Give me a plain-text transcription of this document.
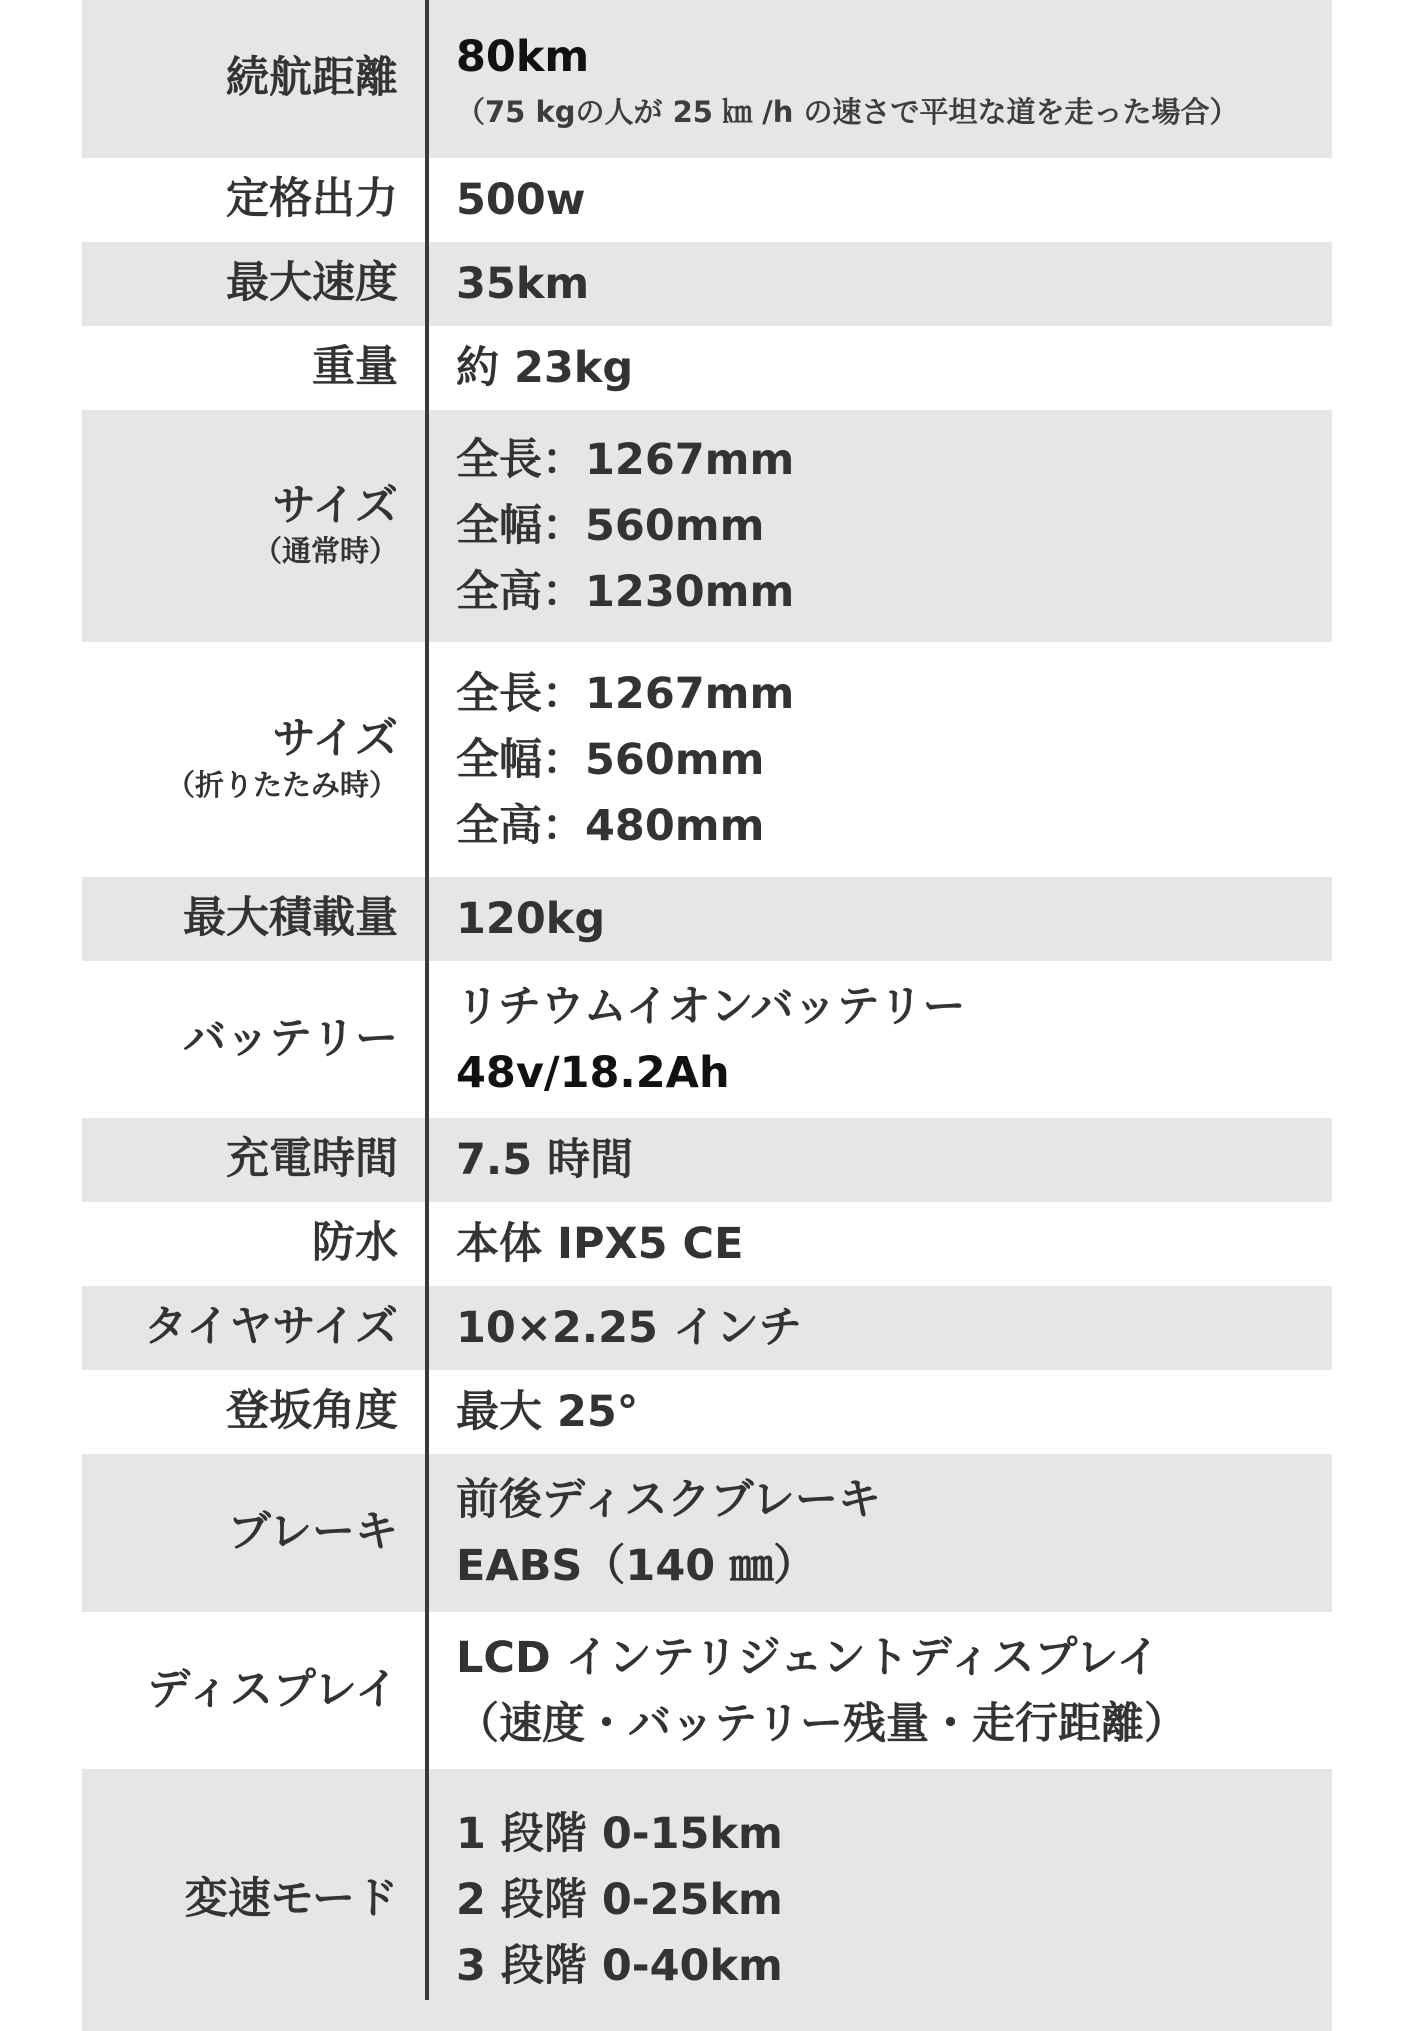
続航距離 80km
（75 kgの人が 25 ㎞ /h の速さで平坦な道を走った場合）
定格出力 500w
最大速度 35km
重量 約 23kg
サイズ
（通常時）
全長：1267mm
全幅：560mm
全高：1230mm
サイズ
（折りたたみ時）
全長：1267mm
全幅：560mm
全高：480mm
最大積載量 120kg
バッテリー
リチウムイオンバッテリー
48v/18.2Ah
充電時間 7.5 時間
防水 本体 IPX5 CE
タイヤサイズ 10×2.25 インチ
登坂角度 最大 25°
ブレーキ
前後ディスクブレーキ
EABS（140 ㎜）
ディスプレイ
LCD インテリジェントディスプレイ
（速度・バッテリー残量・走行距離）
変速モード
1 段階 0-15km
2 段階 0-25km
3 段階 0-40km
